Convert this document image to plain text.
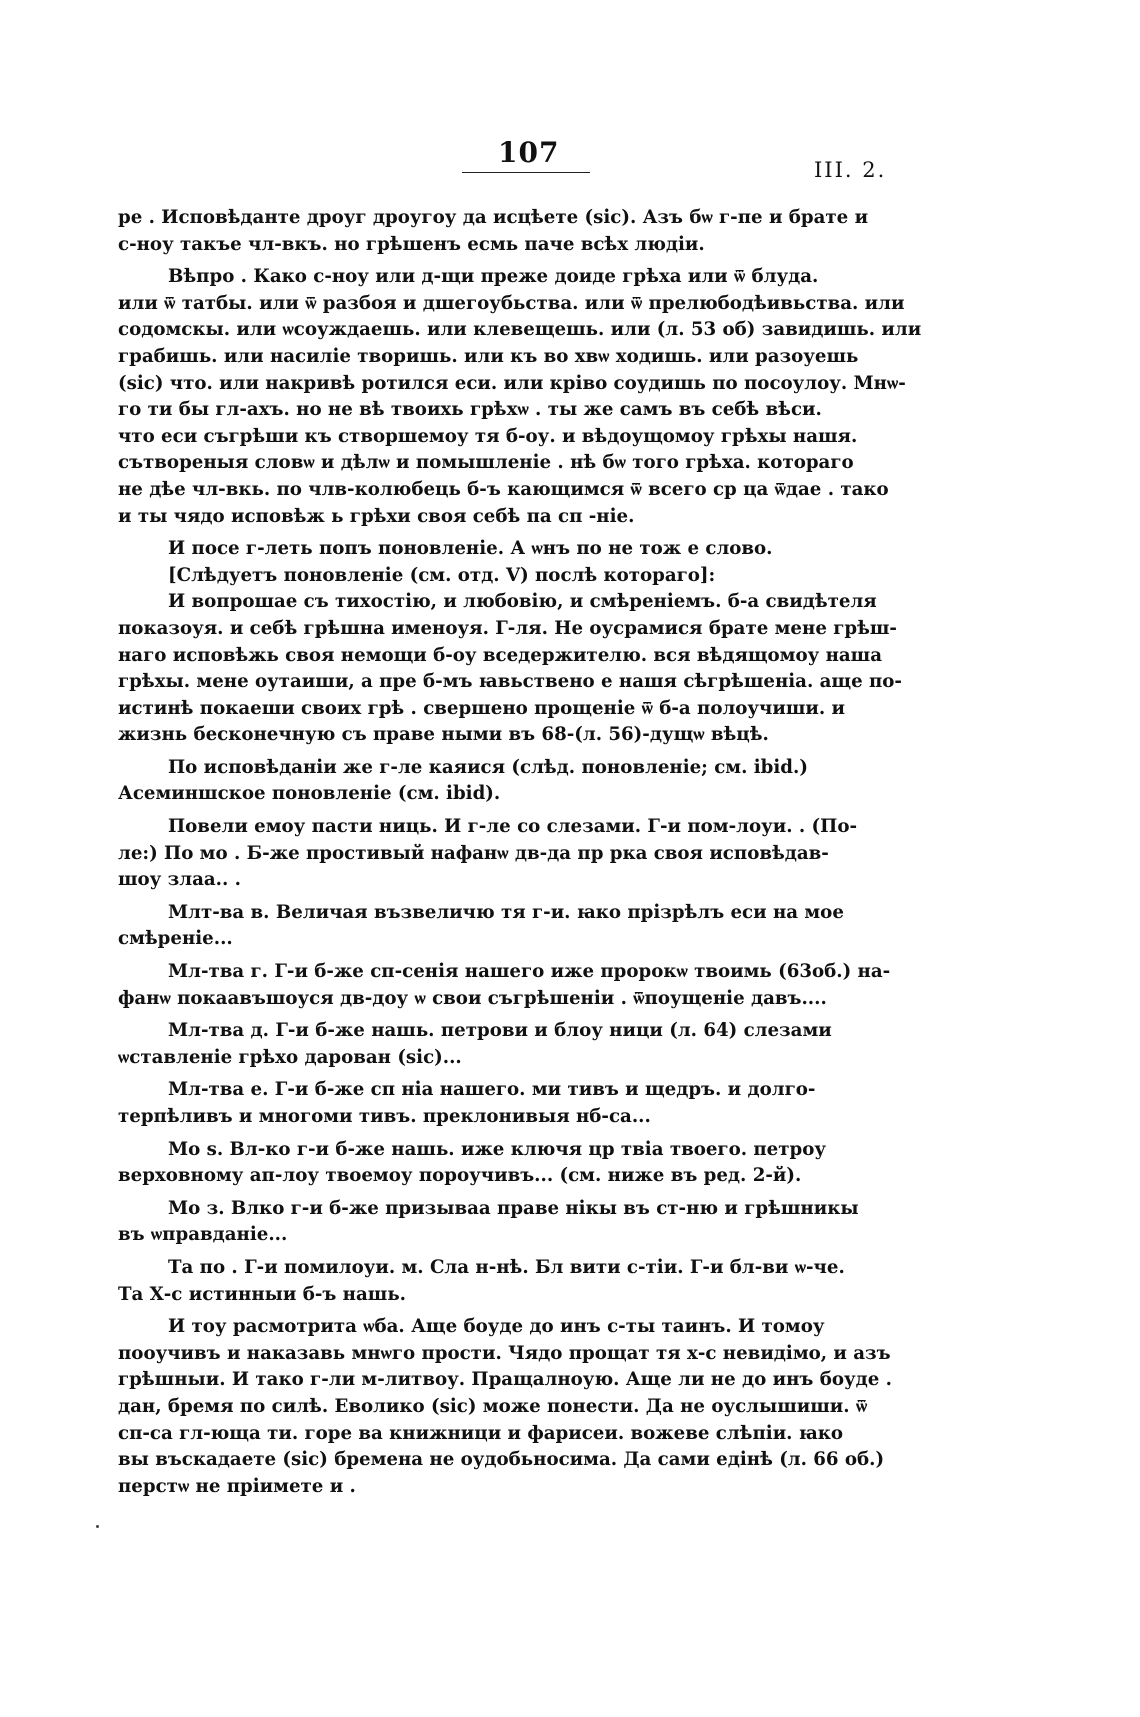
107
III. 2.
ре . Исповѣданте дроуг дроугоу да исцѣете (sic). Азъ бѡ г-пе и брате и
с-ноу такъе чл-вкъ. но грѣшенъ есмь паче всѣх людiи.
Вѣпро . Како с-ноу или д-щи преже доиде грѣха или ѿ блуда.
или ѿ татбы. или ѿ разбоя и дшегоубьства. или ѿ прелюбодѣивьства. или
содомскы. или ѡсоуждаешь. или клевещешь. или (л. 53 об) завидишь. или
грабишь. или насилiе творишь. или къ во хвѡ ходишь. или разоуешь
(sic) что. или накривѣ ротился еси. или крiво соудишь по посоулоу. Мнѡ-
го ти бы гл-ахъ. но не вѣ твоихь грѣхѡ . ты же самъ въ себѣ вѣси.
что еси съгрѣши къ створшемоу тя б-оу. и вѣдоущомоу грѣхы нашя.
сътвореныя словѡ и дѣлѡ и помышленiе . нѣ бѡ того грѣха. котораго
не дѣе чл-вкь. по члв-колюбець б-ъ кающимся ѿ всего ср ца ѿдае . тако
и ты чядо исповѣж ь грѣхи своя себѣ па сп -нiе.
И посе г-леть попъ поновленiе. А ѡнъ по не тож е слово.
[Слѣдуетъ поновленiе (см. отд. V) послѣ котораго]:
И вопрошае съ тихостiю, и любовiю, и смѣренiемъ. б-а свидѣтеля
показоуя. и себѣ грѣшна именоуя. Г-ля. Не оусрамися брате мене грѣш-
наго исповѣжь своя немощи б-оу вседержителю. вся вѣдящомоу наша
грѣхы. мене оутаиши, а пре б-мъ ꙗвьствено е нашя сѣгрѣшенiа. аще по-
истинѣ покаеши своих грѣ . свершено прощенiе ѿ б-а полоучиши. и
жизнь бесконечную съ праве ными въ 68-(л. 56)-дущѡ вѣцѣ.
По исповѣданiи же г-ле каяися (слѣд. поновленiе; см. ibid.)
Асеминшское поновленiе (см. ibid).
Повели емоу пасти ниць. И г-ле со слезами. Г-и пом-лоуи. . (По-
ле:) По мо . Б-же простивый нафанѡ дв-да пр рка своя исповѣдав-
шоу злаа.. .
Млт-ва в. Величая възвеличю тя г-и. ꙗко прiзрѣлъ еси на мое
смѣренiе...
Мл-тва г. Г-и б-же сп-сенiя нашего иже пророкѡ твоимь (63об.) на-
фанѡ покаавъшоуся дв-доу ѡ свои съгрѣшенiи . ѿпоущенiе давъ....
Мл-тва д. Г-и б-же нашь. петрови и блоу ници (л. 64) слезами
ѡставленiе грѣхо дарован (sic)...
Мл-тва е. Г-и б-же сп нiа нашего. ми тивъ и щедръ. и долго-
терпѣливъ и многоми тивъ. преклонивыя нб-са...
Мо ѕ. Вл-ко г-и б-же нашь. иже ключя цр твiа твоего. петроу
верховному ап-лоу твоемоу пороучивъ... (см. ниже въ ред. 2-й).
Мо з. Влко г-и б-же призываа праве нiкы въ ст-ню и грѣшникы
въ ѡправданiе...
Та по . Г-и помилоуи. м. Сла н-нѣ. Бл вити с-тiи. Г-и бл-ви ѡ-че.
Та Х-с истинныи б-ъ нашь.
И тоу расмотрита ѡба. Аще боуде до инъ с-ты таинъ. И томоу
пооучивъ и наказавь мнѡго прости. Чядо прощат тя х-с невидiмо, и азъ
грѣшныи. И тако г-ли м-литвоу. Пращалноую. Аще ли не до инъ боуде .
дан, бремя по силѣ. Еволико (sic) може понести. Да не оуслышиши. ѿ
сп-са гл-юща ти. горе ва книжници и фарисеи. вожеве слѣпiи. ꙗко
вы въскадаете (sic) бремена не оудобьносима. Да сами едiнѣ (л. 66 об.)
перстѡ не прiимете и .
